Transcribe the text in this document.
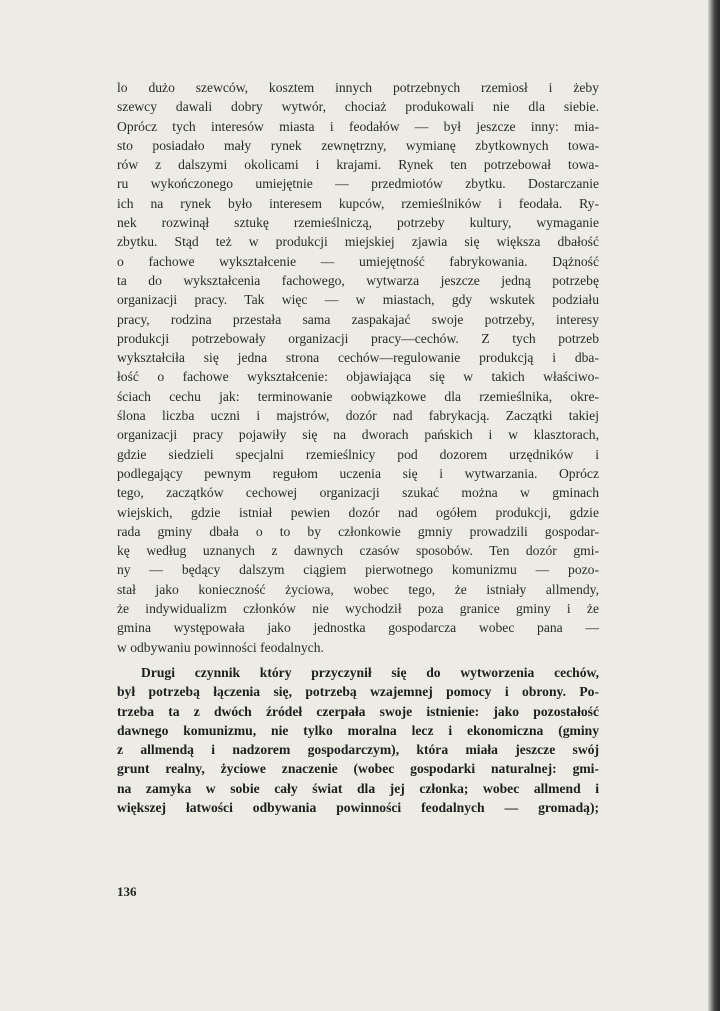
lo dużo szewców, kosztem innych potrzebnych rzemiosł i żeby
szewcy dawali dobry wytwór, chociaż produkowali nie dla siebie.
Oprócz tych interesów miasta i feodałów — był jeszcze inny: mia-
sto posiadało mały rynek zewnętrzny, wymianę zbytkownych towa-
rów z dalszymi okolicami i krajami. Rynek ten potrzebował towa-
ru wykończonego umiejętnie — przedmiotów zbytku. Dostarczanie
ich na rynek było interesem kupców, rzemieślników i feodała. Ry-
nek rozwinął sztukę rzemieślniczą, potrzeby kultury, wymaganie
zbytku. Stąd też w produkcji miejskiej zjawia się większa dbałość
o fachowe wykształcenie — umiejętność fabrykowania. Dążność
ta do wykształcenia fachowego, wytwarza jeszcze jedną potrzebę
organizacji pracy. Tak więc — w miastach, gdy wskutek podziału
pracy, rodzina przestała sama zaspakajać swoje potrzeby, interesy
produkcji potrzebowały organizacji pracy—cechów. Z tych potrzeb
wykształciła się jedna strona cechów—regulowanie produkcją i dba-
łość o fachowe wykształcenie: objawiająca się w takich właściwo-
ściach cechu jak: terminowanie oobwiązkowe dla rzemieślnika, okre-
ślona liczba uczni i majstrów, dozór nad fabrykacją. Zaczątki takiej
organizacji pracy pojawiły się na dworach pańskich i w klasztorach,
gdzie siedzieli specjalni rzemieślnicy pod dozorem urzędników i
podlegający pewnym regułom uczenia się i wytwarzania. Oprócz
tego, zaczątków cechowej organizacji szukać można w gminach
wiejskich, gdzie istniał pewien dozór nad ogółem produkcji, gdzie
rada gminy dbała o to by członkowie gmniy prowadzili gospodar-
kę według uznanych z dawnych czasów sposobów. Ten dozór gmi-
ny — będący dalszym ciągiem pierwotnego komunizmu — pozo-
stał jako konieczność życiowa, wobec tego, że istniały allmendy,
że indywidualizm członków nie wychodził poza granice gminy i że
gmina występowała jako jednostka gospodarcza wobec pana —
w odbywaniu powinności feodalnych.
Drugi czynnik który przyczynił się do wytworzenia cechów,
był potrzebą łączenia się, potrzebą wzajemnej pomocy i obrony. Po-
trzeba ta z dwóch źródeł czerpała swoje istnienie: jako pozostałość
dawnego komunizmu, nie tylko moralna lecz i ekonomiczna (gminy
z allmendą i nadzorem gospodarczym), która miała jeszcze swój
grunt realny, życiowe znaczenie (wobec gospodarki naturalnej: gmi-
na zamyka w sobie cały świat dla jej członka; wobec allmend i
większej łatwości odbywania powinności feodalnych — gromadą);
136
